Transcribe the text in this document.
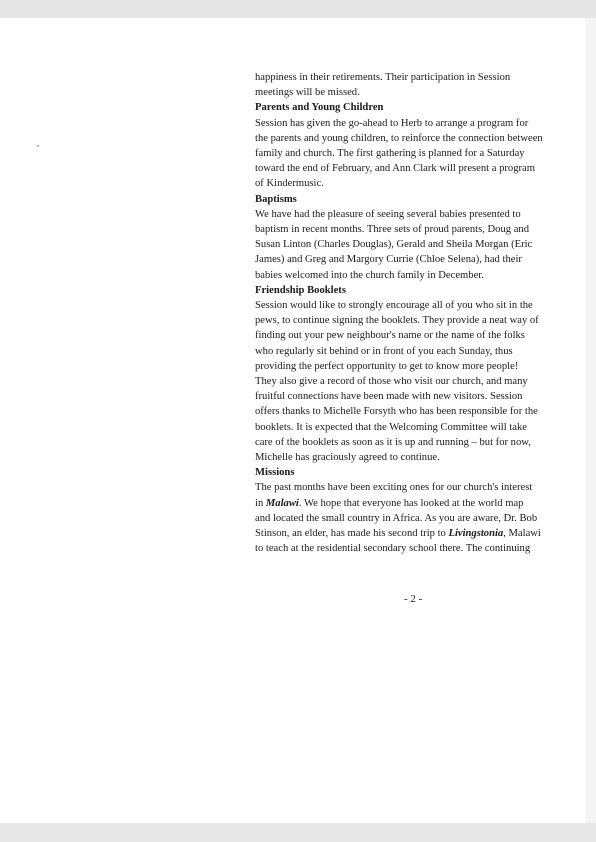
happiness in their retirements. Their participation in Session
meetings will be missed.

Parents and Young Children
Session has given the go-ahead to Herb to arrange a program for
the parents and young children, to reinforce the connection between
family and church. The first gathering is planned for a Saturday
toward the end of February, and Ann Clark will present a program
of Kindermusic.

Baptisms
We have had the pleasure of seeing several babies presented to
baptism in recent months. Three sets of proud parents, Doug and
Susan Linton (Charles Douglas), Gerald and Sheila Morgan (Eric
James) and Greg and Margory Currie (Chloe Selena), had their
babies welcomed into the church family in December.

Friendship Booklets
Session would like to strongly encourage all of you who sit in the
pews, to continue signing the booklets. They provide a neat way of
finding out your pew neighbour's name or the name of the folks
who regularly sit behind or in front of you each Sunday, thus
providing the perfect opportunity to get to know more people!
They also give a record of those who visit our church, and many
fruitful connections have been made with new visitors. Session
offers thanks to Michelle Forsyth who has been responsible for the
booklets. It is expected that the Welcoming Committee will take
care of the booklets as soon as it is up and running – but for now,
Michelle has graciously agreed to continue.

Missions
The past months have been exciting ones for our church's interest
in Malawi. We hope that everyone has looked at the world map
and located the small country in Africa. As you are aware, Dr. Bob
Stinson, an elder, has made his second trip to Livingstonia, Malawi
to teach at the residential secondary school there. The continuing

- 2 -
